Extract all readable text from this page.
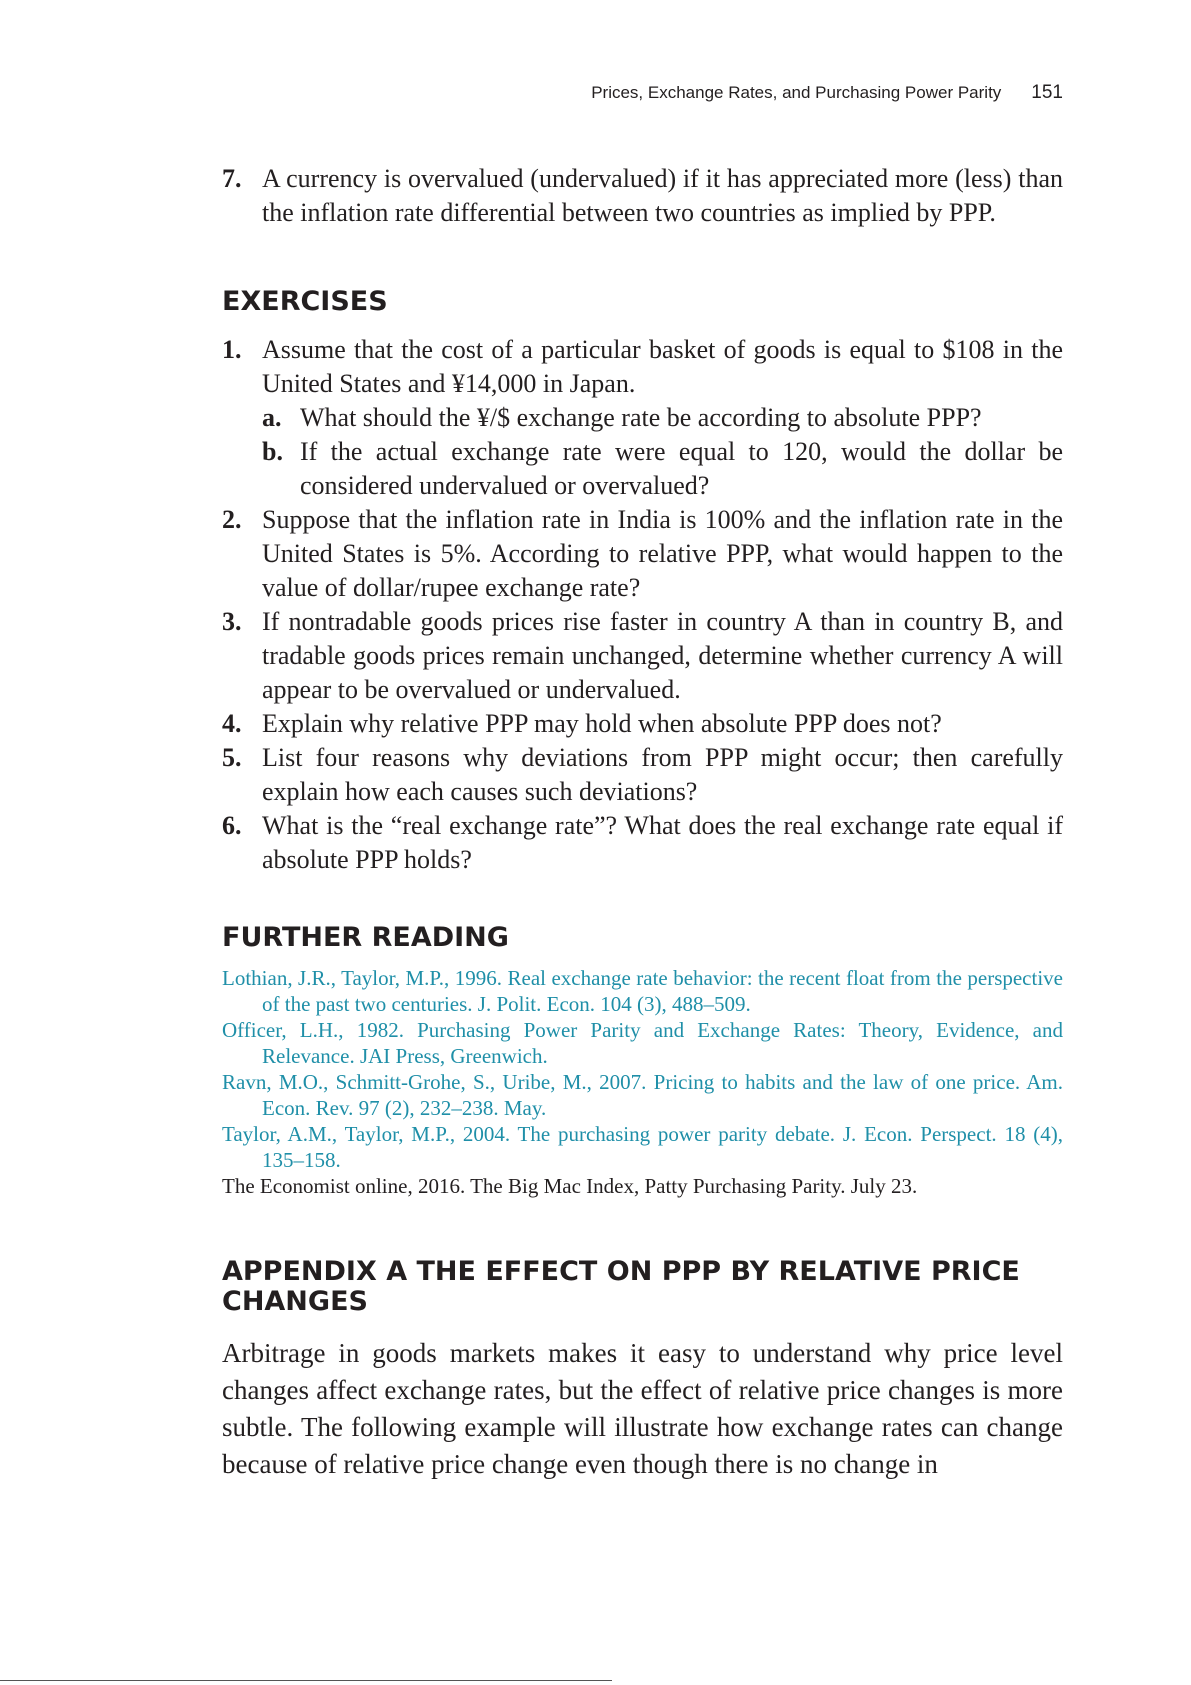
Prices, Exchange Rates, and Purchasing Power Parity 151
7. A currency is overvalued (undervalued) if it has appreciated more (less) than the inflation rate differential between two countries as implied by PPP.
EXERCISES
1. Assume that the cost of a particular basket of goods is equal to $108 in the United States and ¥14,000 in Japan.
a. What should the ¥/$ exchange rate be according to absolute PPP?
b. If the actual exchange rate were equal to 120, would the dollar be considered undervalued or overvalued?
2. Suppose that the inflation rate in India is 100% and the inflation rate in the United States is 5%. According to relative PPP, what would happen to the value of dollar/rupee exchange rate?
3. If nontradable goods prices rise faster in country A than in country B, and tradable goods prices remain unchanged, determine whether currency A will appear to be overvalued or undervalued.
4. Explain why relative PPP may hold when absolute PPP does not?
5. List four reasons why deviations from PPP might occur; then carefully explain how each causes such deviations?
6. What is the “real exchange rate”? What does the real exchange rate equal if absolute PPP holds?
FURTHER READING
Lothian, J.R., Taylor, M.P., 1996. Real exchange rate behavior: the recent float from the perspective of the past two centuries. J. Polit. Econ. 104 (3), 488–509.
Officer, L.H., 1982. Purchasing Power Parity and Exchange Rates: Theory, Evidence, and Relevance. JAI Press, Greenwich.
Ravn, M.O., Schmitt-Grohe, S., Uribe, M., 2007. Pricing to habits and the law of one price. Am. Econ. Rev. 97 (2), 232–238. May.
Taylor, A.M., Taylor, M.P., 2004. The purchasing power parity debate. J. Econ. Perspect. 18 (4), 135–158.
The Economist online, 2016. The Big Mac Index, Patty Purchasing Parity. July 23.
APPENDIX A THE EFFECT ON PPP BY RELATIVE PRICE CHANGES
Arbitrage in goods markets makes it easy to understand why price level changes affect exchange rates, but the effect of relative price changes is more subtle. The following example will illustrate how exchange rates can change because of relative price change even though there is no change in
